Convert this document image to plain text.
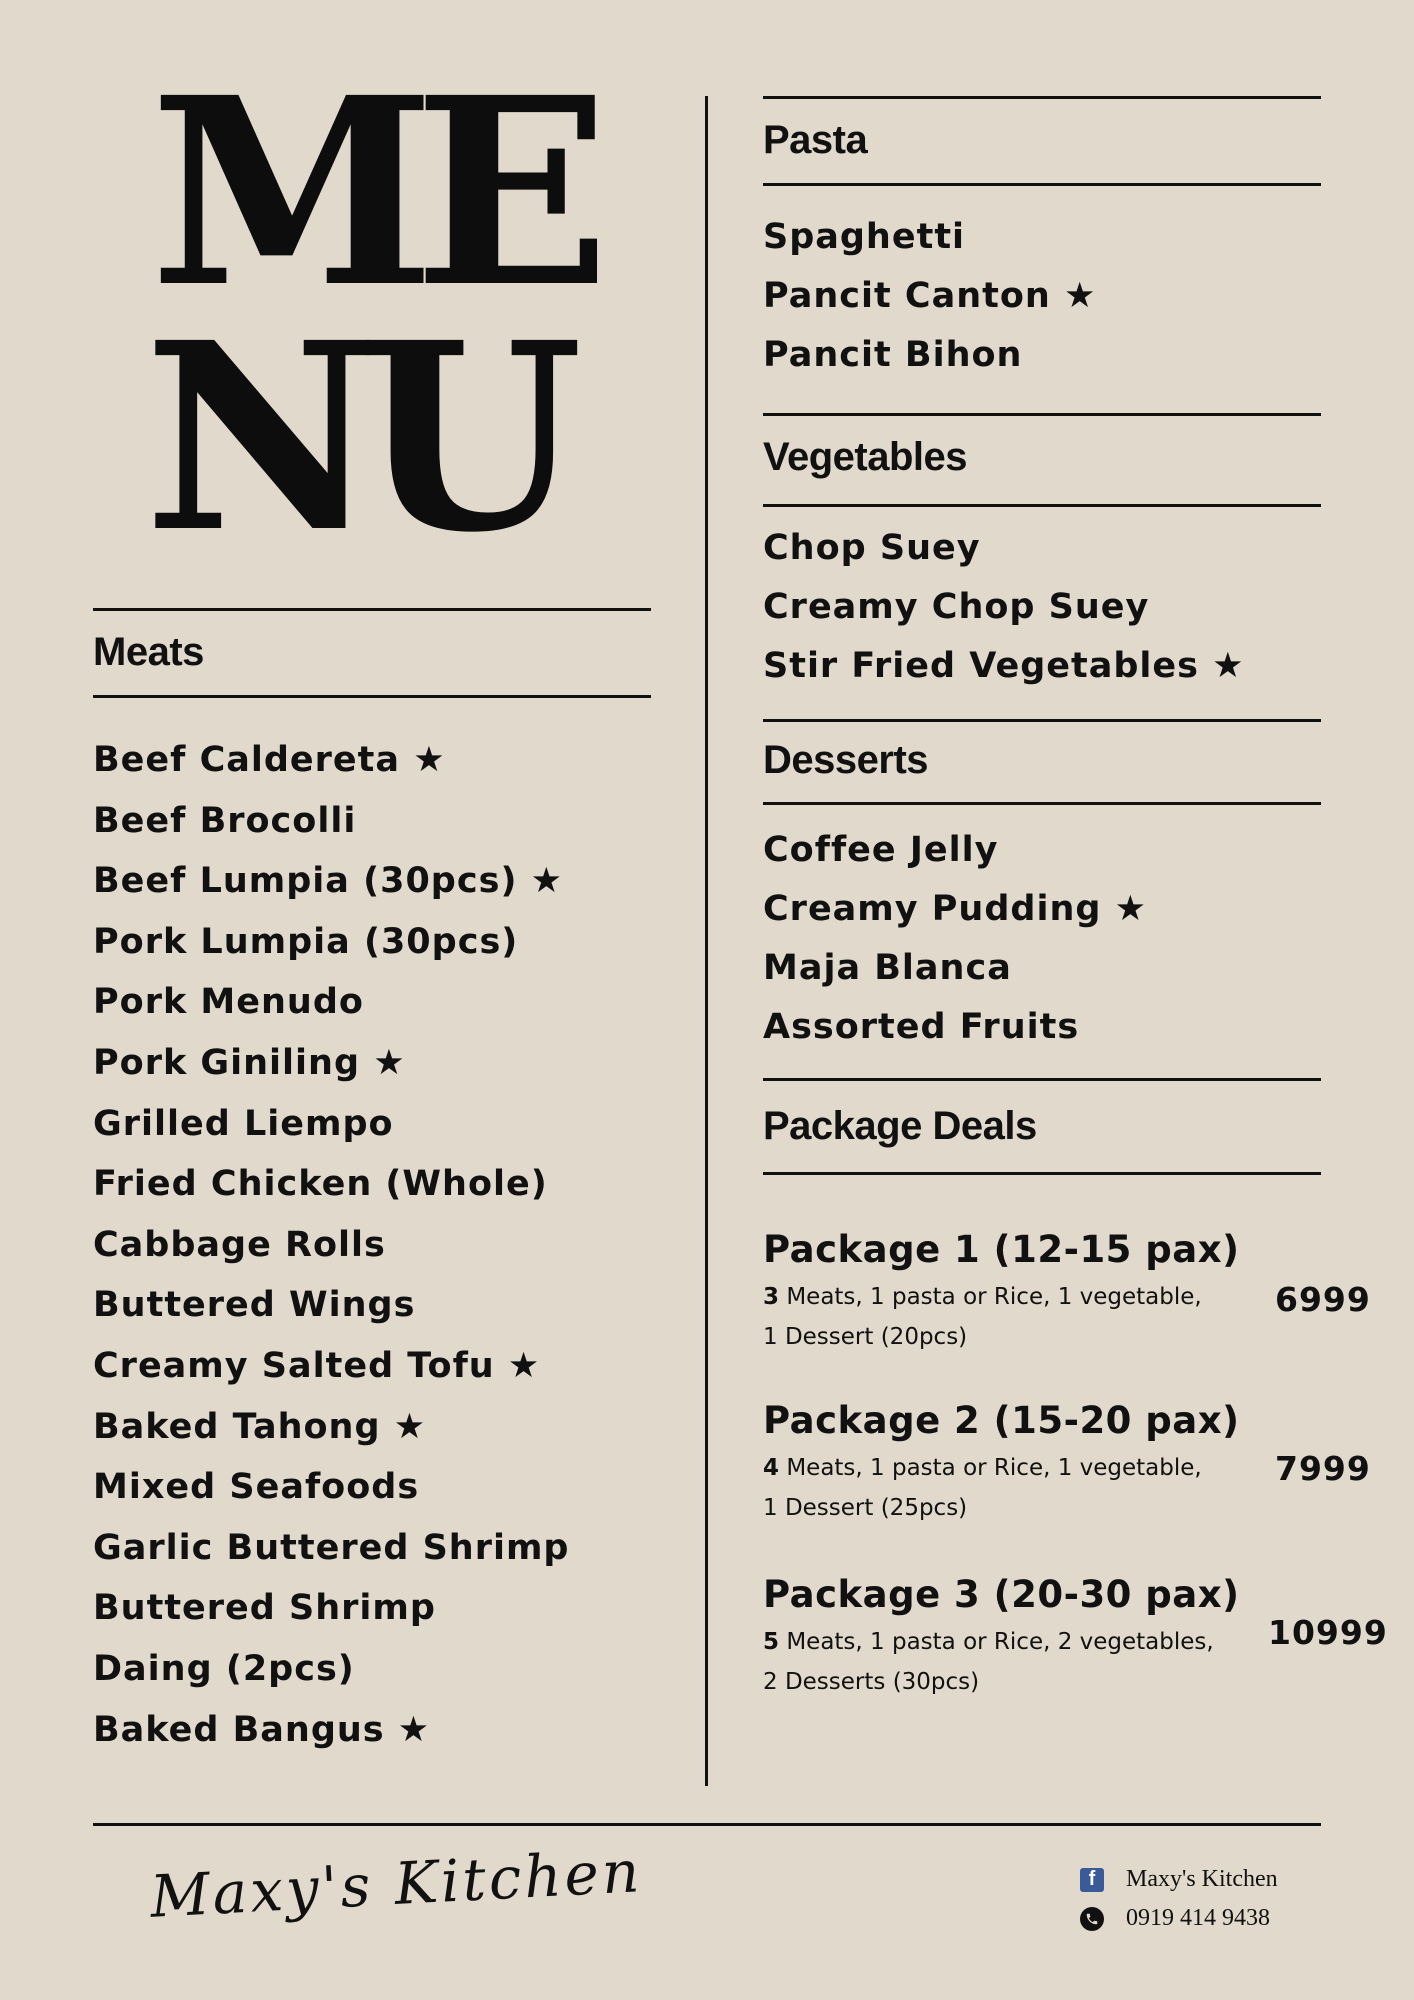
ME
NU
Meats
Beef Caldereta ★
Beef Brocolli
Beef Lumpia (30pcs) ★
Pork Lumpia (30pcs)
Pork Menudo
Pork Giniling ★
Grilled Liempo
Fried Chicken (Whole)
Cabbage Rolls
Buttered Wings
Creamy Salted Tofu ★
Baked Tahong ★
Mixed Seafoods
Garlic Buttered Shrimp
Buttered Shrimp
Daing (2pcs)
Baked Bangus ★
Pasta
Spaghetti
Pancit Canton ★
Pancit Bihon
Vegetables
Chop Suey
Creamy Chop Suey
Stir Fried Vegetables ★
Desserts
Coffee Jelly
Creamy Pudding ★
Maja Blanca
Assorted Fruits
Package Deals

Package 1 (12-15 pax)

3 Meats, 1 pasta or Rice, 1 vegetable,
1 Dessert (20pcs)

6999

Package 2 (15-20 pax)

4 Meats, 1 pasta or Rice, 1 vegetable,
1 Dessert (25pcs)

7999

Package 3 (20-30 pax)

5 Meats, 1 pasta or Rice, 2 vegetables,
2 Desserts (30pcs)

10999
Maxy's Kitchen	f	Maxy's Kitchen
0919 414 9438
